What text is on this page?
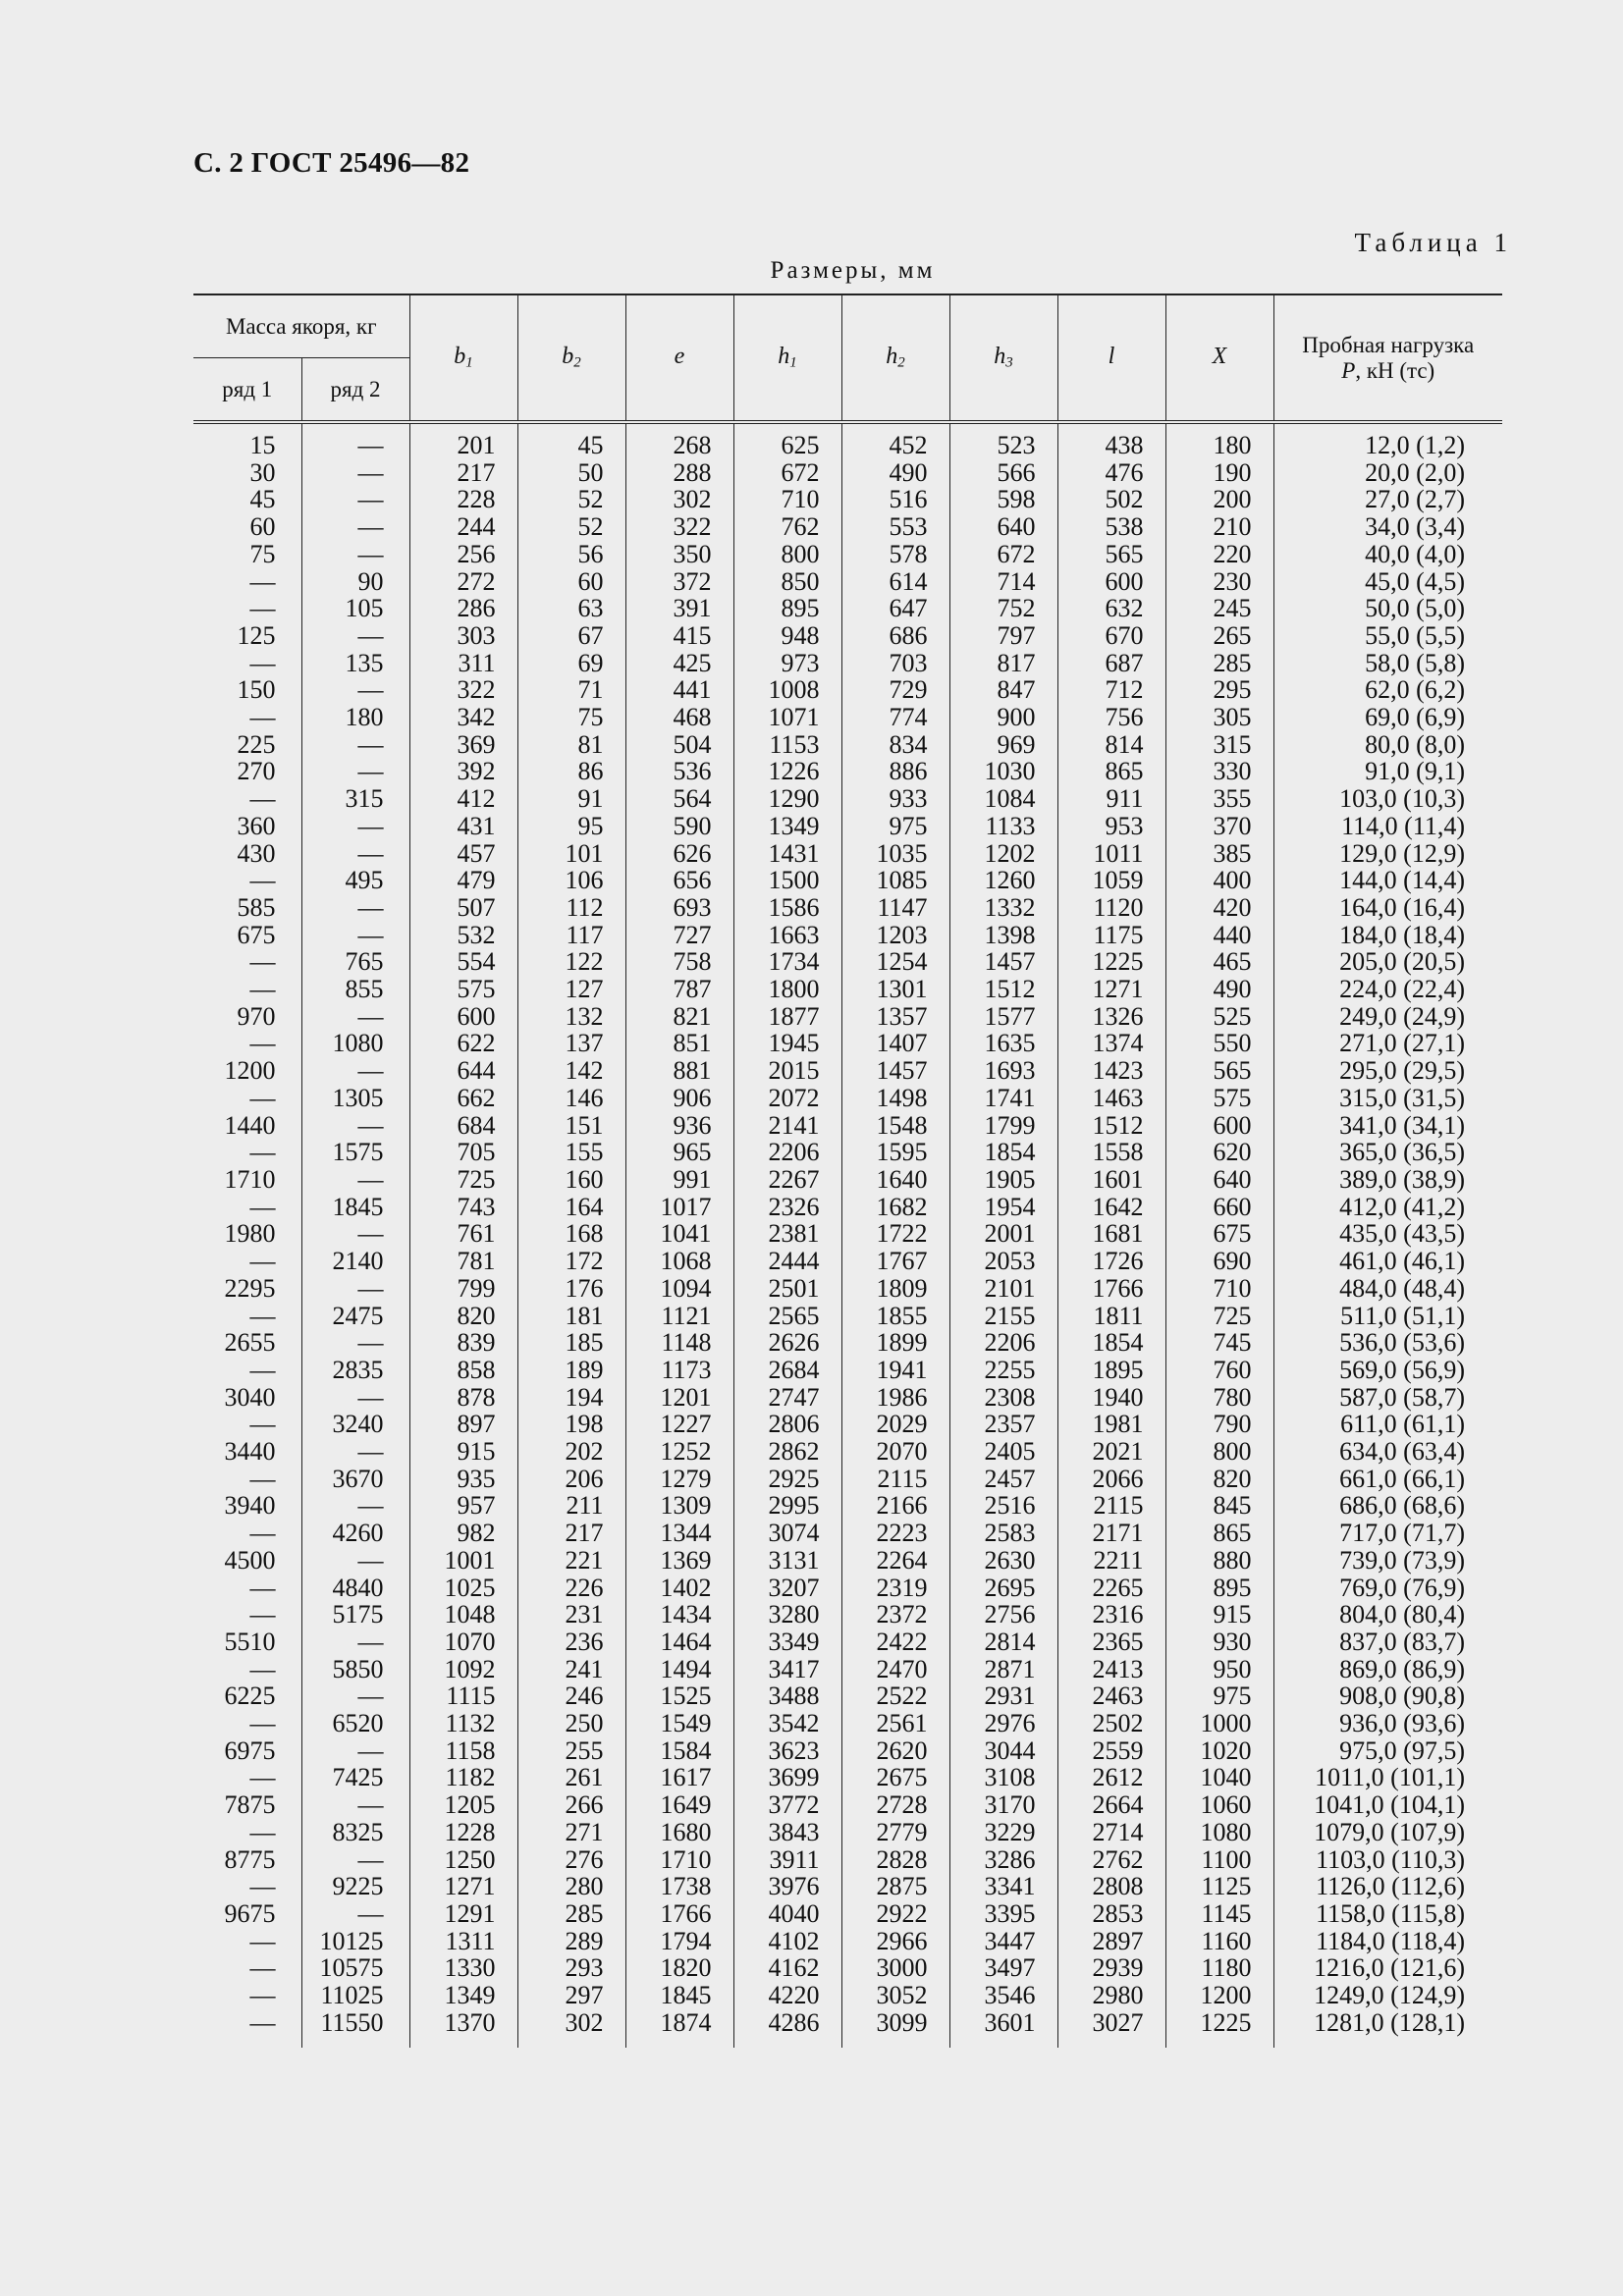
С. 2 ГОСТ 25496—82
Таблица 1
Размеры, мм
Масса якоря, кг		$b_1$	$b_2$	e	$h_1$	$h_2$	$h_3$	l	X	Пробная нагрузка
P, кН (тс)
ряд 1	ряд 2									
15	—	201	45	268	625	452	523	438	180	12,0 (1,2)
30	—	217	50	288	672	490	566	476	190	20,0 (2,0)
45	—	228	52	302	710	516	598	502	200	27,0 (2,7)
60	—	244	52	322	762	553	640	538	210	34,0 (3,4)
75	—	256	56	350	800	578	672	565	220	40,0 (4,0)
—	90	272	60	372	850	614	714	600	230	45,0 (4,5)
—	105	286	63	391	895	647	752	632	245	50,0 (5,0)
125	—	303	67	415	948	686	797	670	265	55,0 (5,5)
—	135	311	69	425	973	703	817	687	285	58,0 (5,8)
150	—	322	71	441	1008	729	847	712	295	62,0 (6,2)
—	180	342	75	468	1071	774	900	756	305	69,0 (6,9)
225	—	369	81	504	1153	834	969	814	315	80,0 (8,0)
270	—	392	86	536	1226	886	1030	865	330	91,0 (9,1)
—	315	412	91	564	1290	933	1084	911	355	103,0 (10,3)
360	—	431	95	590	1349	975	1133	953	370	114,0 (11,4)
430	—	457	101	626	1431	1035	1202	1011	385	129,0 (12,9)
—	495	479	106	656	1500	1085	1260	1059	400	144,0 (14,4)
585	—	507	112	693	1586	1147	1332	1120	420	164,0 (16,4)
675	—	532	117	727	1663	1203	1398	1175	440	184,0 (18,4)
—	765	554	122	758	1734	1254	1457	1225	465	205,0 (20,5)
—	855	575	127	787	1800	1301	1512	1271	490	224,0 (22,4)
970	—	600	132	821	1877	1357	1577	1326	525	249,0 (24,9)
—	1080	622	137	851	1945	1407	1635	1374	550	271,0 (27,1)
1200	—	644	142	881	2015	1457	1693	1423	565	295,0 (29,5)
—	1305	662	146	906	2072	1498	1741	1463	575	315,0 (31,5)
1440	—	684	151	936	2141	1548	1799	1512	600	341,0 (34,1)
—	1575	705	155	965	2206	1595	1854	1558	620	365,0 (36,5)
1710	—	725	160	991	2267	1640	1905	1601	640	389,0 (38,9)
—	1845	743	164	1017	2326	1682	1954	1642	660	412,0 (41,2)
1980	—	761	168	1041	2381	1722	2001	1681	675	435,0 (43,5)
—	2140	781	172	1068	2444	1767	2053	1726	690	461,0 (46,1)
2295	—	799	176	1094	2501	1809	2101	1766	710	484,0 (48,4)
—	2475	820	181	1121	2565	1855	2155	1811	725	511,0 (51,1)
2655	—	839	185	1148	2626	1899	2206	1854	745	536,0 (53,6)
—	2835	858	189	1173	2684	1941	2255	1895	760	569,0 (56,9)
3040	—	878	194	1201	2747	1986	2308	1940	780	587,0 (58,7)
—	3240	897	198	1227	2806	2029	2357	1981	790	611,0 (61,1)
3440	—	915	202	1252	2862	2070	2405	2021	800	634,0 (63,4)
—	3670	935	206	1279	2925	2115	2457	2066	820	661,0 (66,1)
3940	—	957	211	1309	2995	2166	2516	2115	845	686,0 (68,6)
—	4260	982	217	1344	3074	2223	2583	2171	865	717,0 (71,7)
4500	—	1001	221	1369	3131	2264	2630	2211	880	739,0 (73,9)
—	4840	1025	226	1402	3207	2319	2695	2265	895	769,0 (76,9)
—	5175	1048	231	1434	3280	2372	2756	2316	915	804,0 (80,4)
5510	—	1070	236	1464	3349	2422	2814	2365	930	837,0 (83,7)
—	5850	1092	241	1494	3417	2470	2871	2413	950	869,0 (86,9)
6225	—	1115	246	1525	3488	2522	2931	2463	975	908,0 (90,8)
—	6520	1132	250	1549	3542	2561	2976	2502	1000	936,0 (93,6)
6975	—	1158	255	1584	3623	2620	3044	2559	1020	975,0 (97,5)
—	7425	1182	261	1617	3699	2675	3108	2612	1040	1011,0 (101,1)
7875	—	1205	266	1649	3772	2728	3170	2664	1060	1041,0 (104,1)
—	8325	1228	271	1680	3843	2779	3229	2714	1080	1079,0 (107,9)
8775	—	1250	276	1710	3911	2828	3286	2762	1100	1103,0 (110,3)
—	9225	1271	280	1738	3976	2875	3341	2808	1125	1126,0 (112,6)
9675	—	1291	285	1766	4040	2922	3395	2853	1145	1158,0 (115,8)
—	10125	1311	289	1794	4102	2966	3447	2897	1160	1184,0 (118,4)
—	10575	1330	293	1820	4162	3000	3497	2939	1180	1216,0 (121,6)
—	11025	1349	297	1845	4220	3052	3546	2980	1200	1249,0 (124,9)
—	11550	1370	302	1874	4286	3099	3601	3027	1225	1281,0 (128,1)
